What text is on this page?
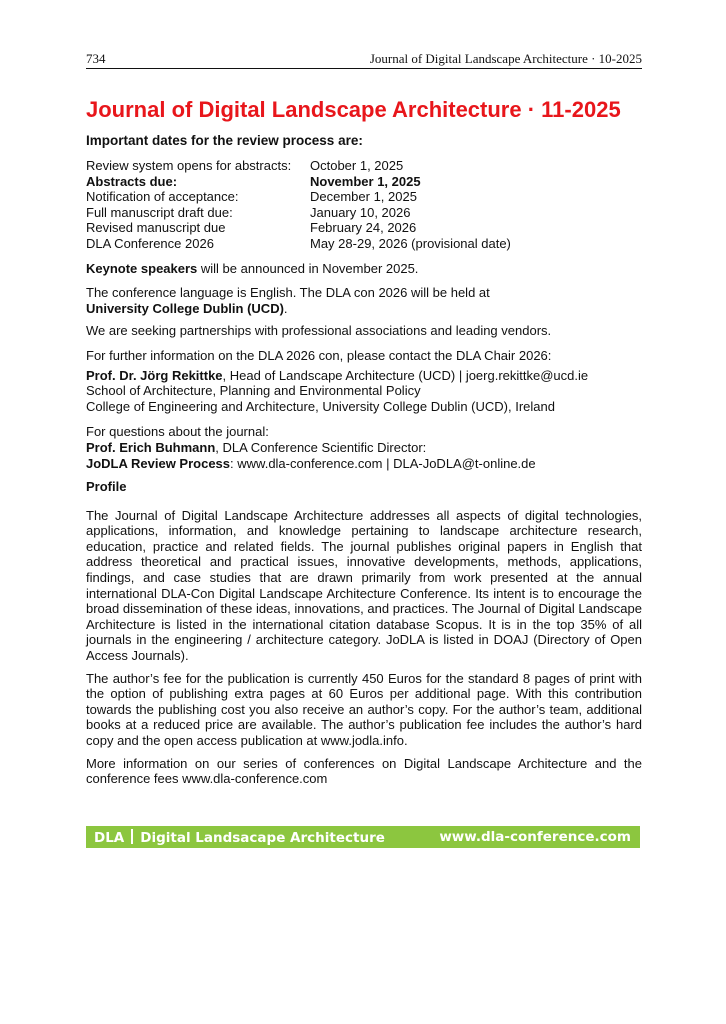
734	Journal of Digital Landscape Architecture · 10-2025
Journal of Digital Landscape Architecture · 11-2025
Important dates for the review process are:
Review system opens for abstracts:	October 1, 2025
Abstracts due:	November 1, 2025
Notification of acceptance:	December 1, 2025
Full manuscript draft due:	January 10, 2026
Revised manuscript due	February 24, 2026
DLA Conference 2026	May 28-29, 2026 (provisional date)

Keynote speakers will be announced in November 2025.

The conference language is English. The DLA con 2026 will be held at

University College Dublin (UCD).

We are seeking partnerships with professional associations and leading vendors.

For further information on the DLA 2026 con, please contact the DLA Chair 2026:

Prof. Dr. Jörg Rekittke, Head of Landscape Architecture (UCD) | joerg.rekittke@ucd.ie

School of Architecture, Planning and Environmental Policy

College of Engineering and Architecture, University College Dublin (UCD), Ireland

For questions about the journal:

Prof. Erich Buhmann, DLA Conference Scientific Director:

JoDLA Review Process: www.dla-conference.com | DLA-JoDLA@t-online.de

Profile

The Journal of Digital Landscape Architecture addresses all aspects of digital technologies, applications, information, and knowledge pertaining to landscape architecture research, education, practice and related fields. The journal publishes original papers in English that address theoretical and practical issues, innovative developments, methods, applications, findings, and case studies that are drawn primarily from work presented at the annual international DLA-Con Digital Landscape Architecture Conference. Its intent is to encourage the broad dissemination of these ideas, innovations, and practices. The Journal of Digital Landscape Architecture is listed in the international citation database Scopus. It is in the top 35% of all journals in the engineering / architecture category. JoDLA is listed in DOAJ (Directory of Open Access Journals).

The author’s fee for the publication is currently 450 Euros for the standard 8 pages of print with the option of publishing extra pages at 60 Euros per additional page. With this contribution towards the publishing cost you also receive an author’s copy. For the author’s team, additional books at a reduced price are available. The author’s publication fee includes the author’s hard copy and the open access publication at www.jodla.info.

More information on our series of conferences on Digital Landscape Architecture and the conference fees www.dla-conference.com

DLA Digital Landsacape Architecture	www.dla-conference.com
